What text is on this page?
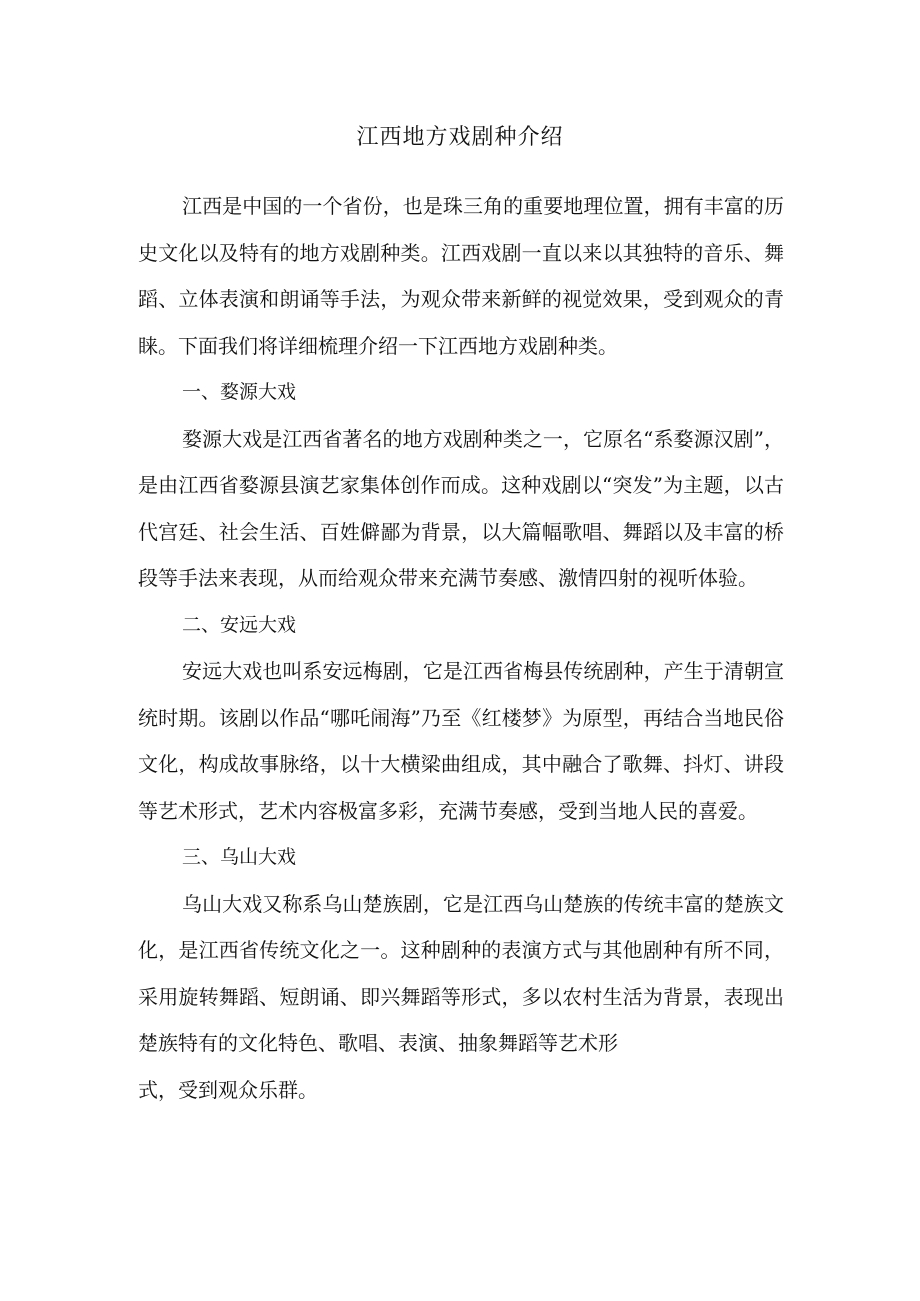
江西地方戏剧种介绍

江西是中国的一个省份，也是珠三角的重要地理位置，拥有丰富的历史文化以及特有的地方戏剧种类。江西戏剧一直以来以其独特的音乐、舞蹈、立体表演和朗诵等手法，为观众带来新鲜的视觉效果，受到观众的青睐。下面我们将详细梳理介绍一下江西地方戏剧种类。

一、婺源大戏

婺源大戏是江西省著名的地方戏剧种类之一，它原名“系婺源汉剧”，是由江西省婺源县演艺家集体创作而成。这种戏剧以“突发”为主题，以古代宫廷、社会生活、百姓僻鄙为背景，以大篇幅歌唱、舞蹈以及丰富的桥段等手法来表现，从而给观众带来充满节奏感、激情四射的视听体验。

二、安远大戏

安远大戏也叫系安远梅剧，它是江西省梅县传统剧种，产生于清朝宣统时期。该剧以作品“哪吒闹海”乃至《红楼梦》为原型，再结合当地民俗文化，构成故事脉络，以十大横梁曲组成，其中融合了歌舞、抖灯、讲段等艺术形式，艺术内容极富多彩，充满节奏感，受到当地人民的喜爱。

三、乌山大戏

乌山大戏又称系乌山楚族剧，它是江西乌山楚族的传统丰富的楚族文化，是江西省传统文化之一。这种剧种的表演方式与其他剧种有所不同，采用旋转舞蹈、短朗诵、即兴舞蹈等形式，多以农村生活为背景，表现出楚族特有的文化特色、歌唱、表演、抽象舞蹈等艺术形

式，受到观众乐群。
